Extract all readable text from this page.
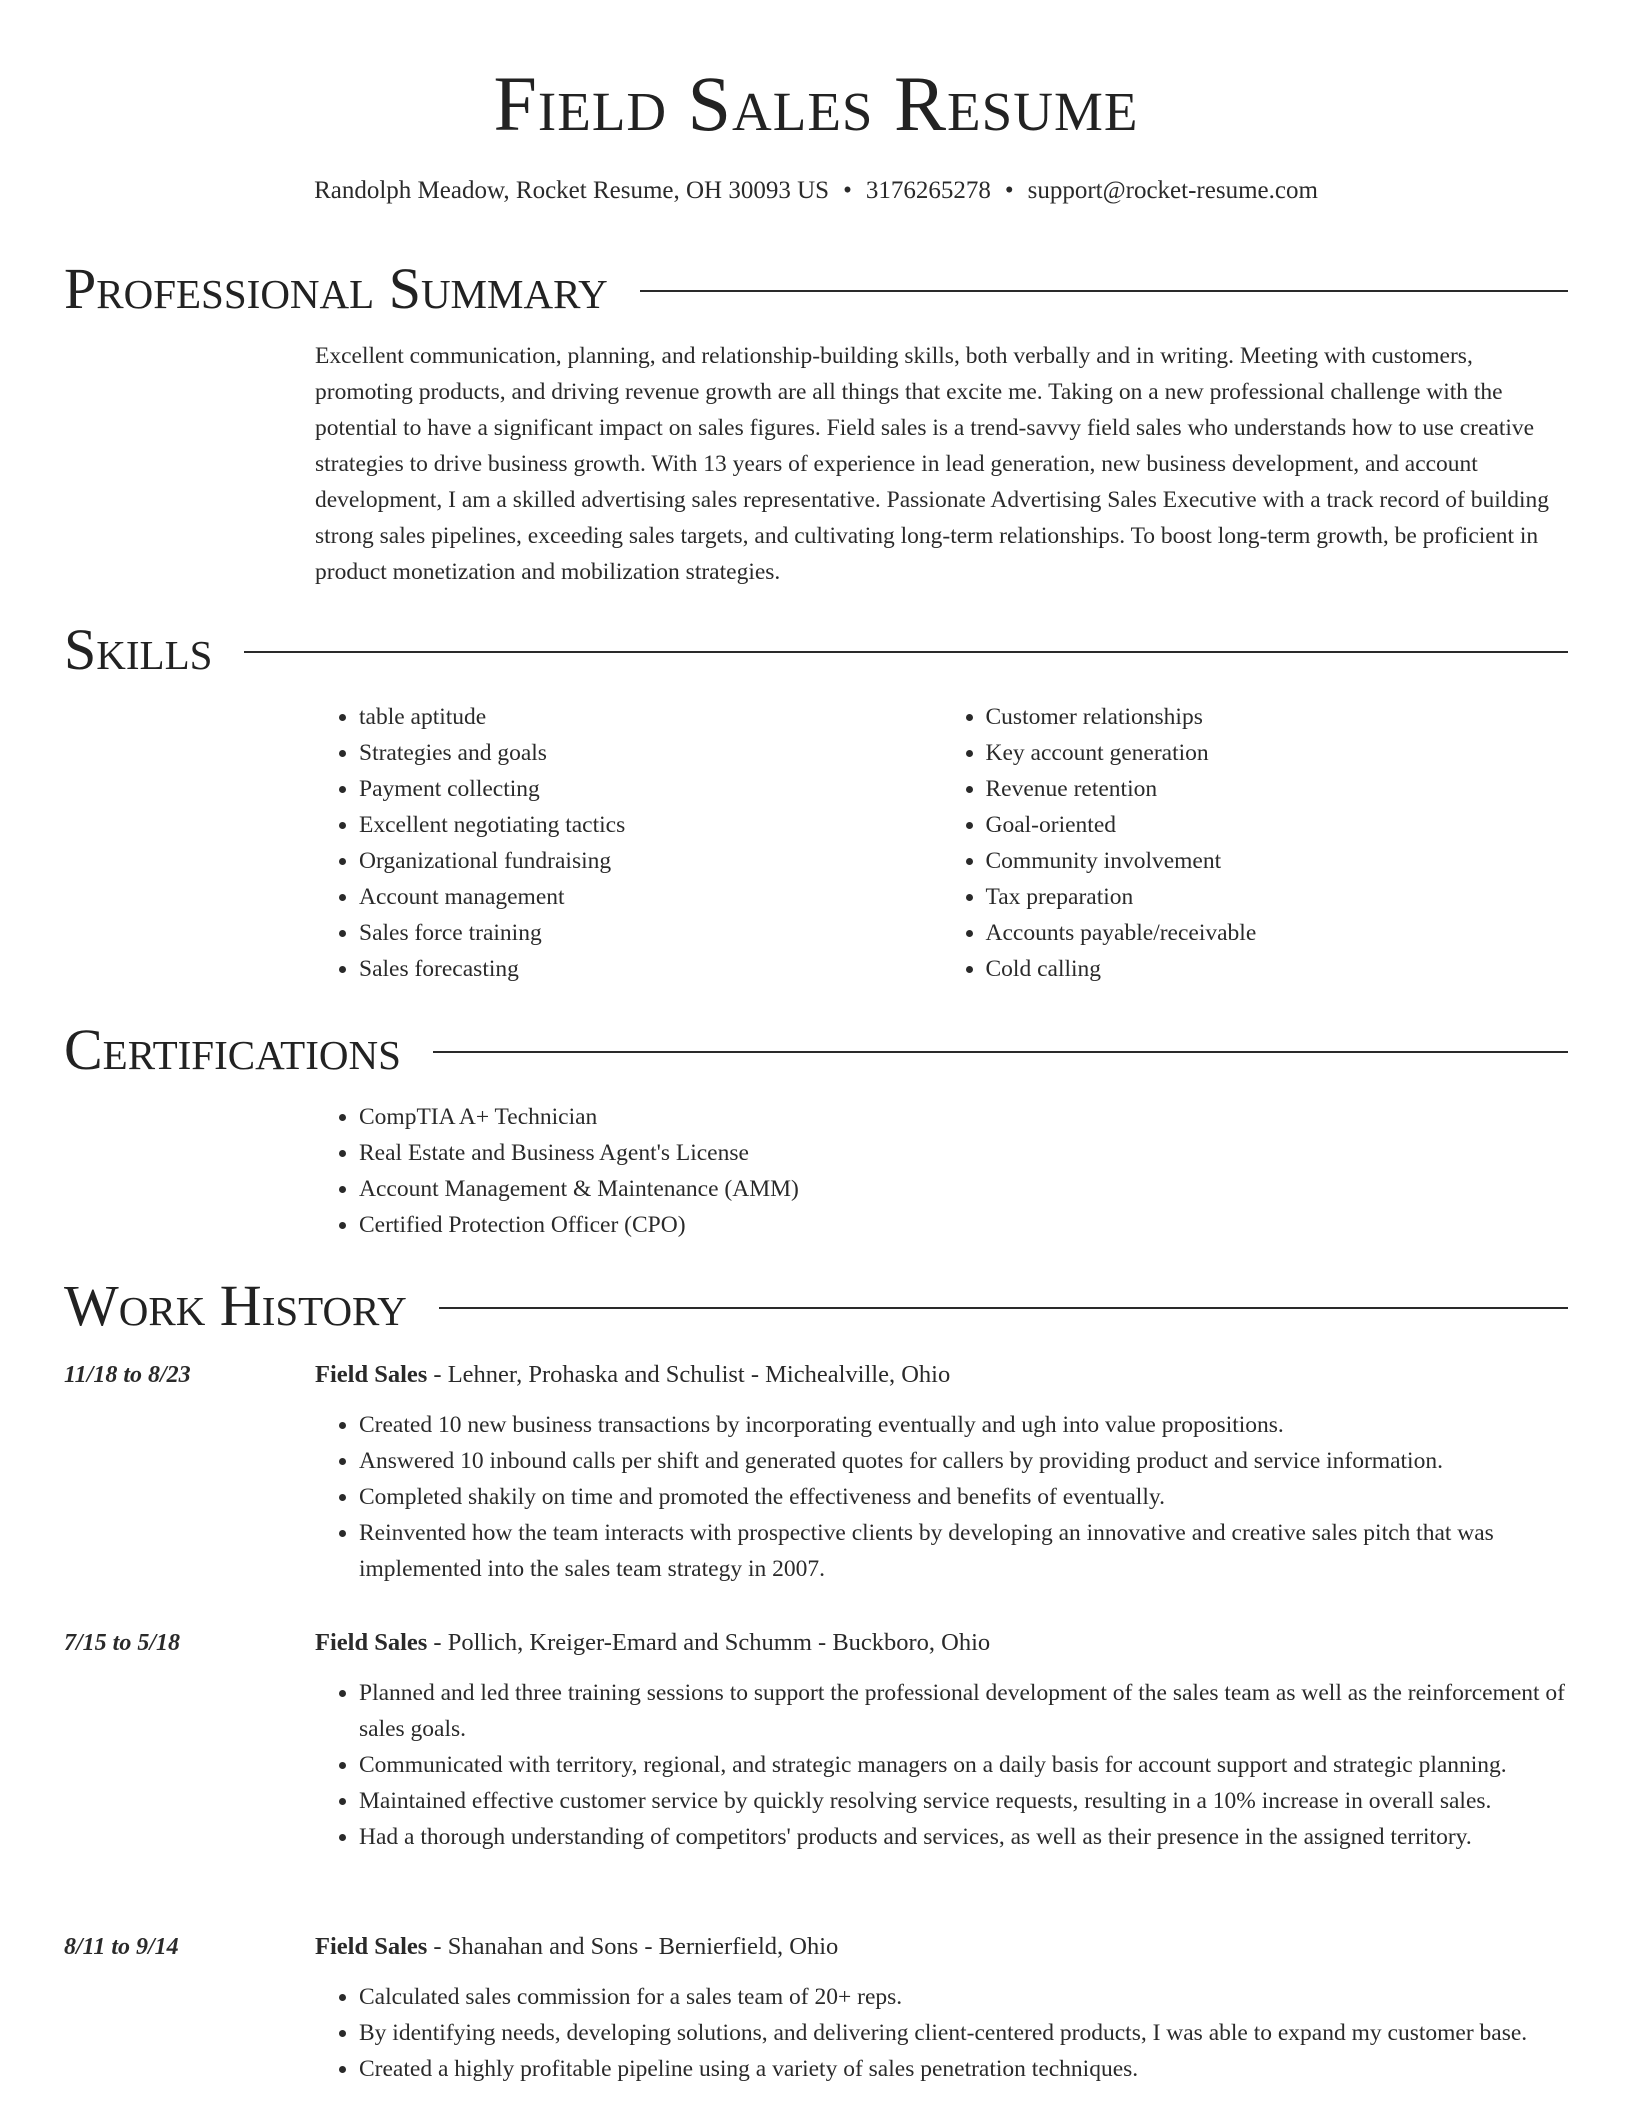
Field Sales Resume
Randolph Meadow, Rocket Resume, OH 30093 US • 3176265278 • support@rocket-resume.com
Professional Summary

Excellent communication, planning, and relationship-building skills, both verbally and in writing. Meeting with customers, promoting products, and driving revenue growth are all things that excite me. Taking on a new professional challenge with the potential to have a significant impact on sales figures. Field sales is a trend-savvy field sales who understands how to use creative strategies to drive business growth. With 13 years of experience in lead generation, new business development, and account development, I am a skilled advertising sales representative. Passionate Advertising Sales Executive with a track record of building strong sales pipelines, exceeding sales targets, and cultivating long-term relationships. To boost long-term growth, be proficient in product monetization and mobilization strategies.

Skills
• table aptitude
• Strategies and goals
• Payment collecting
• Excellent negotiating tactics
• Organizational fundraising
• Account management
• Sales force training
• Sales forecasting
• Customer relationships
• Key account generation
• Revenue retention
• Goal-oriented
• Community involvement
• Tax preparation
• Accounts payable/receivable
• Cold calling
Certifications
• CompTIA A+ Technician
• Real Estate and Business Agent's License
• Account Management & Maintenance (AMM)
• Certified Protection Officer (CPO)
Work History
11/18 to 8/23	Field Sales - Lehner, Prohaska and Schulist - Michealville, Ohio
• Created 10 new business transactions by incorporating eventually and ugh into value propositions.
• Answered 10 inbound calls per shift and generated quotes for callers by providing product and service information.
• Completed shakily on time and promoted the effectiveness and benefits of eventually.
• Reinvented how the team interacts with prospective clients by developing an innovative and creative sales pitch that was implemented into the sales team strategy in 2007.
7/15 to 5/18	Field Sales - Pollich, Kreiger-Emard and Schumm - Buckboro, Ohio
• Planned and led three training sessions to support the professional development of the sales team as well as the reinforcement of sales goals.
• Communicated with territory, regional, and strategic managers on a daily basis for account support and strategic planning.
• Maintained effective customer service by quickly resolving service requests, resulting in a 10% increase in overall sales.
• Had a thorough understanding of competitors' products and services, as well as their presence in the assigned territory.
8/11 to 9/14	Field Sales - Shanahan and Sons - Bernierfield, Ohio
• Calculated sales commission for a sales team of 20+ reps.
• By identifying needs, developing solutions, and delivering client-centered products, I was able to expand my customer base.
• Created a highly profitable pipeline using a variety of sales penetration techniques.
